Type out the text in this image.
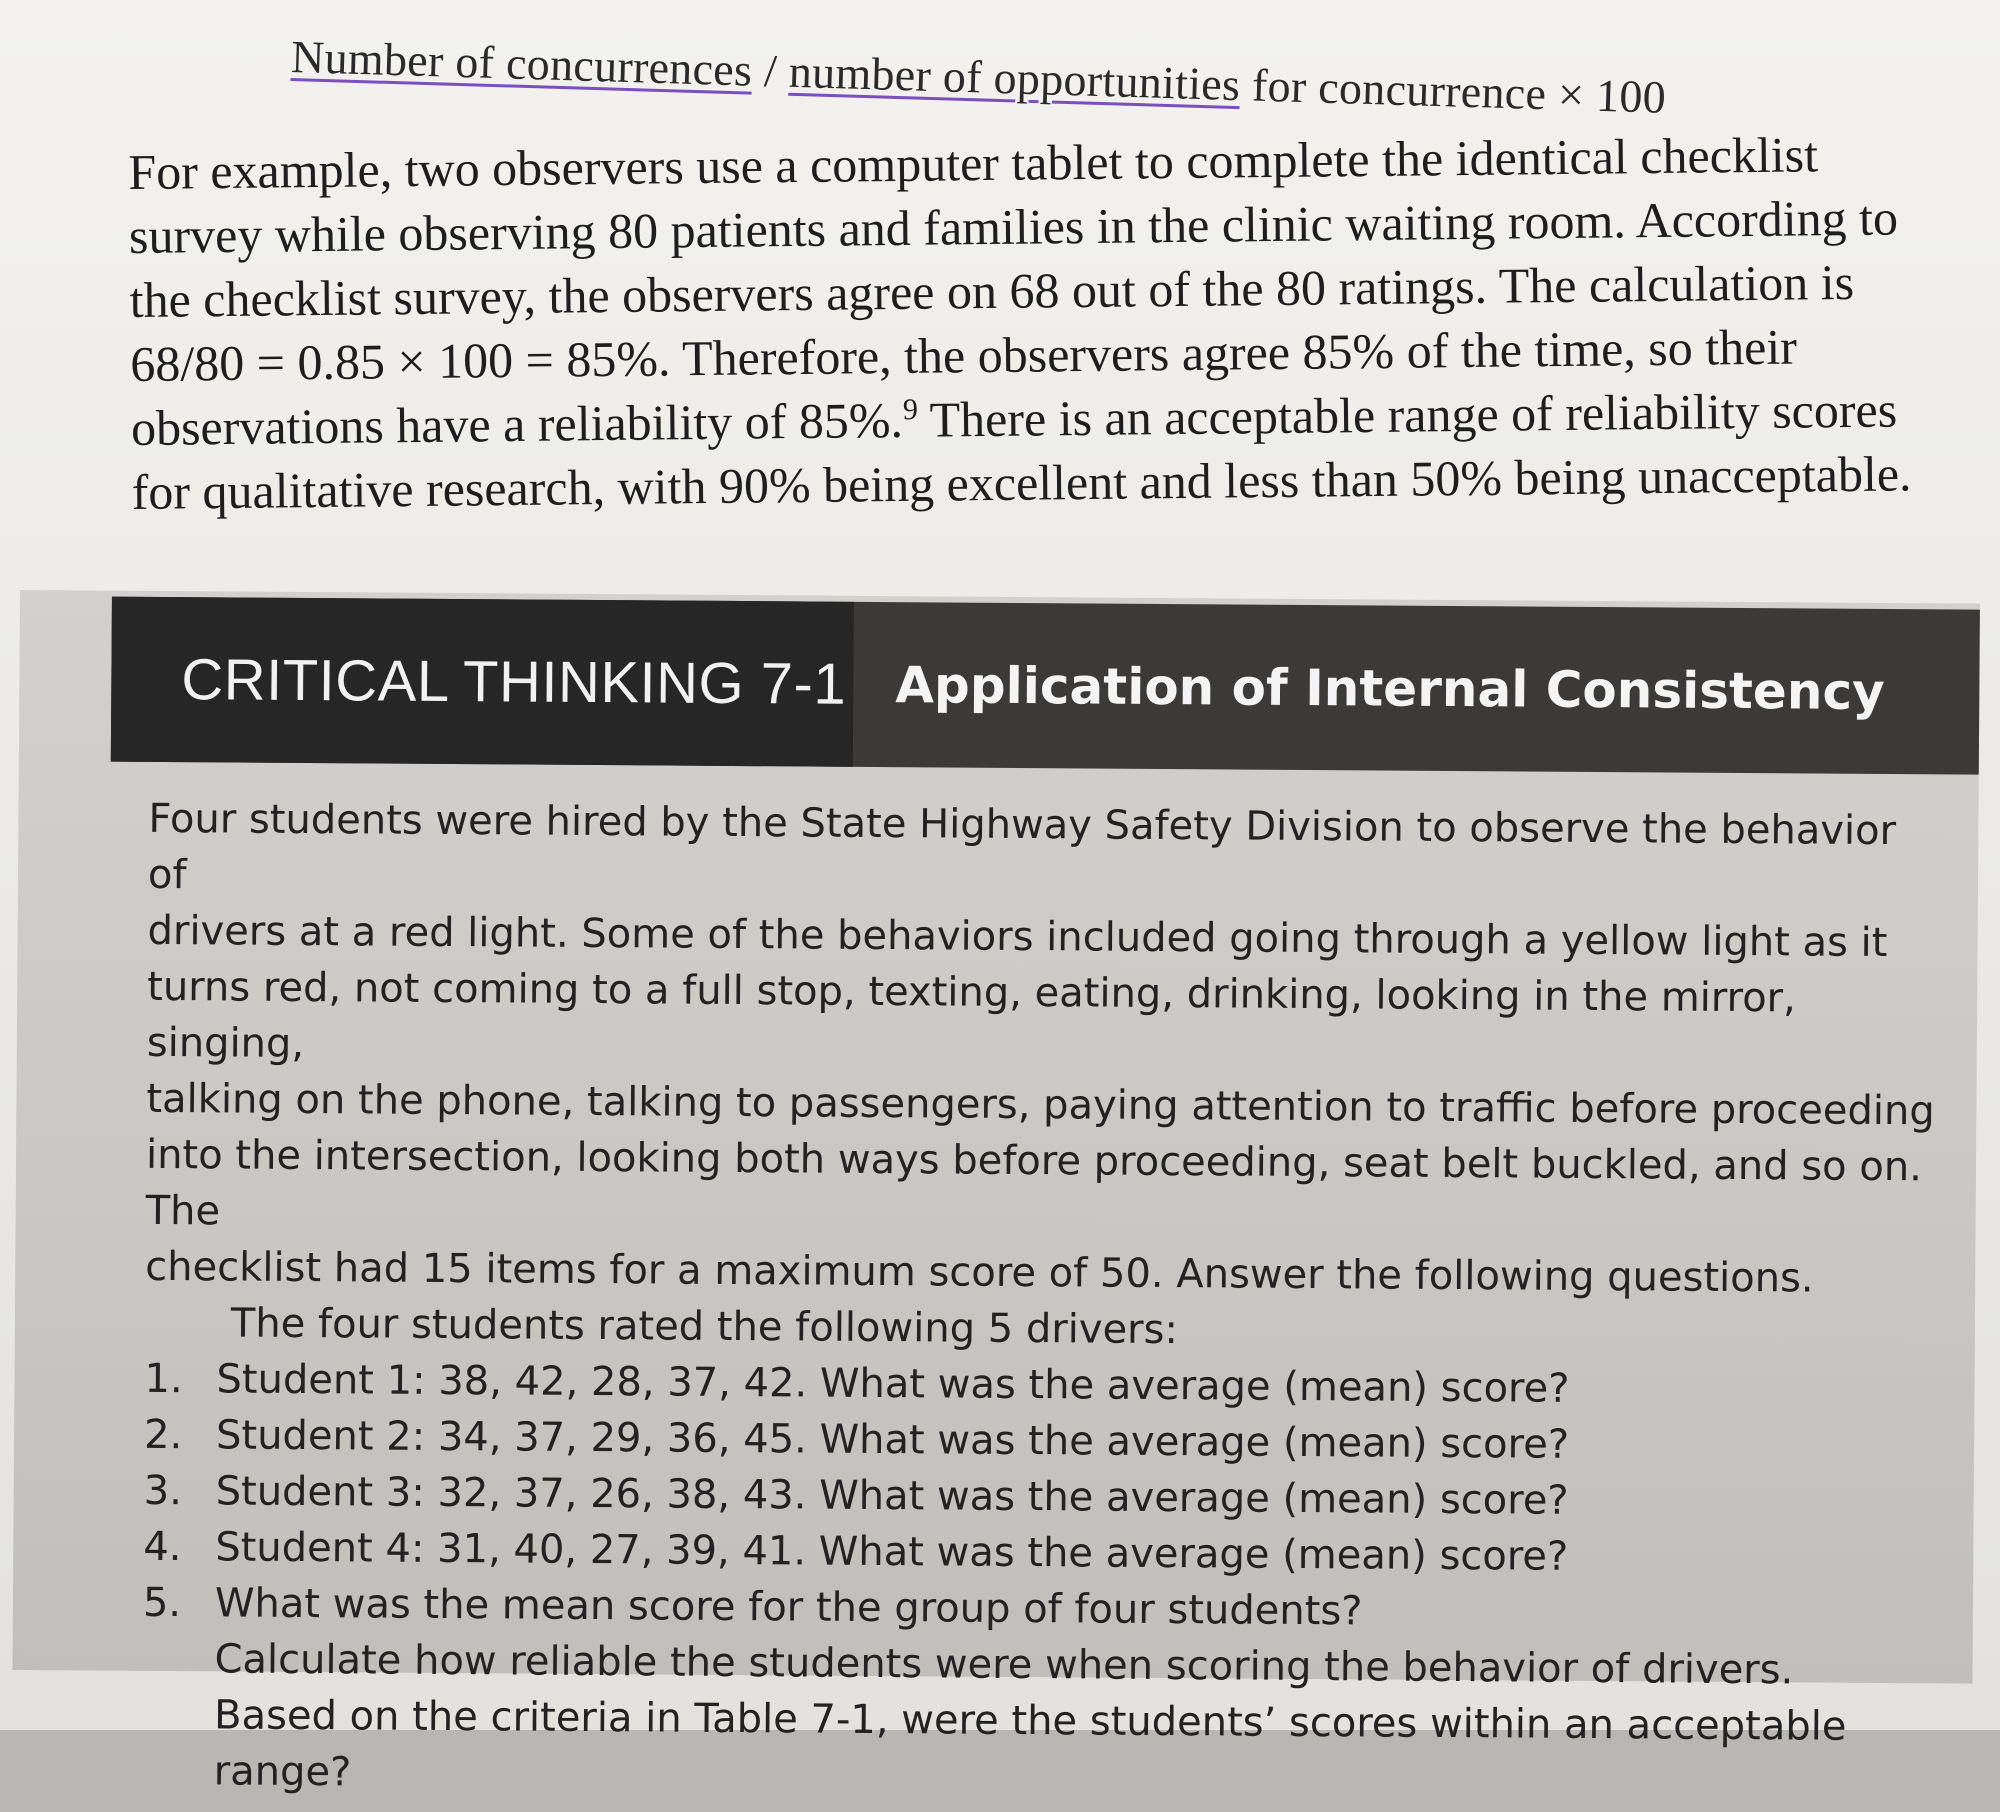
Number of concurrences / number of opportunities for concurrence × 100

For example, two observers use a computer tablet to complete the identical checklist

survey while observing 80 patients and families in the clinic waiting room. According to

the checklist survey, the observers agree on 68 out of the 80 ratings. The calculation is

68/80 = 0.85 × 100 = 85%. Therefore, the observers agree 85% of the time, so their

observations have a reliability of 85%.$^9$ There is an acceptable range of reliability scores

for qualitative research, with 90% being excellent and less than 50% being unacceptable.

CRITICAL THINKING 7-1 Application of Internal Consistency

Four students were hired by the State Highway Safety Division to observe the behavior of

drivers at a red light. Some of the behaviors included going through a yellow light as it

turns red, not coming to a full stop, texting, eating, drinking, looking in the mirror, singing,

talking on the phone, talking to passengers, paying attention to traffic before proceeding

into the intersection, looking both ways before proceeding, seat belt buckled, and so on. The

checklist had 15 items for a maximum score of 50. Answer the following questions.

The four students rated the following 5 drivers:

1. Student 1: 38, 42, 28, 37, 42. What was the average (mean) score?
2. Student 2: 34, 37, 29, 36, 45. What was the average (mean) score?
3. Student 3: 32, 37, 26, 38, 43. What was the average (mean) score?
4. Student 4: 31, 40, 27, 39, 41. What was the average (mean) score?
5. What was the mean score for the group of four students?

Calculate how reliable the students were when scoring the behavior of drivers.

Based on the criteria in Table 7-1, were the students’ scores within an acceptable range?
